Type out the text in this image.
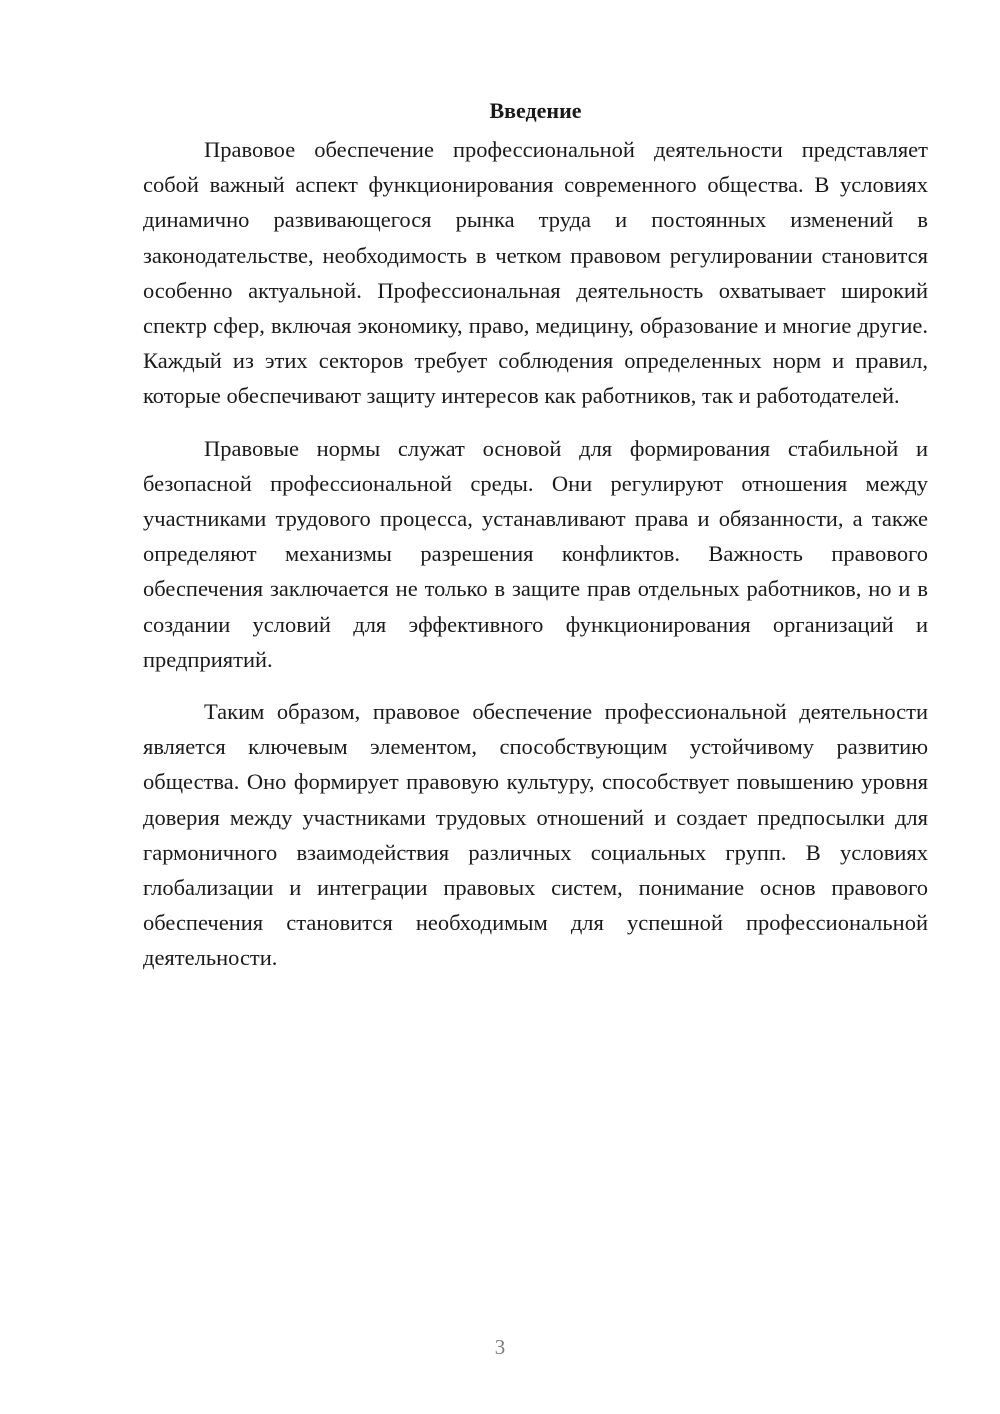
Введение

Правовое обеспечение профессиональной деятельности представляет собой важный аспект функционирования современного общества. В условиях динамично развивающегося рынка труда и постоянных изменений в законодательстве, необходимость в четком правовом регулировании становится особенно актуальной. Профессиональная деятельность охватывает широкий спектр сфер, включая экономику, право, медицину, образование и многие другие. Каждый из этих секторов требует соблюдения определенных норм и правил, которые обеспечивают защиту интересов как работников, так и работодателей.

Правовые нормы служат основой для формирования стабильной и безопасной профессиональной среды. Они регулируют отношения между участниками трудового процесса, устанавливают права и обязанности, а также определяют механизмы разрешения конфликтов. Важность правового обеспечения заключается не только в защите прав отдельных работников, но и в создании условий для эффективного функционирования организаций и предприятий.

Таким образом, правовое обеспечение профессиональной деятельности является ключевым элементом, способствующим устойчивому развитию общества. Оно формирует правовую культуру, способствует повышению уровня доверия между участниками трудовых отношений и создает предпосылки для гармоничного взаимодействия различных социальных групп. В условиях глобализации и интеграции правовых систем, понимание основ правового обеспечения становится необходимым для успешной профессиональной деятельности.

3
